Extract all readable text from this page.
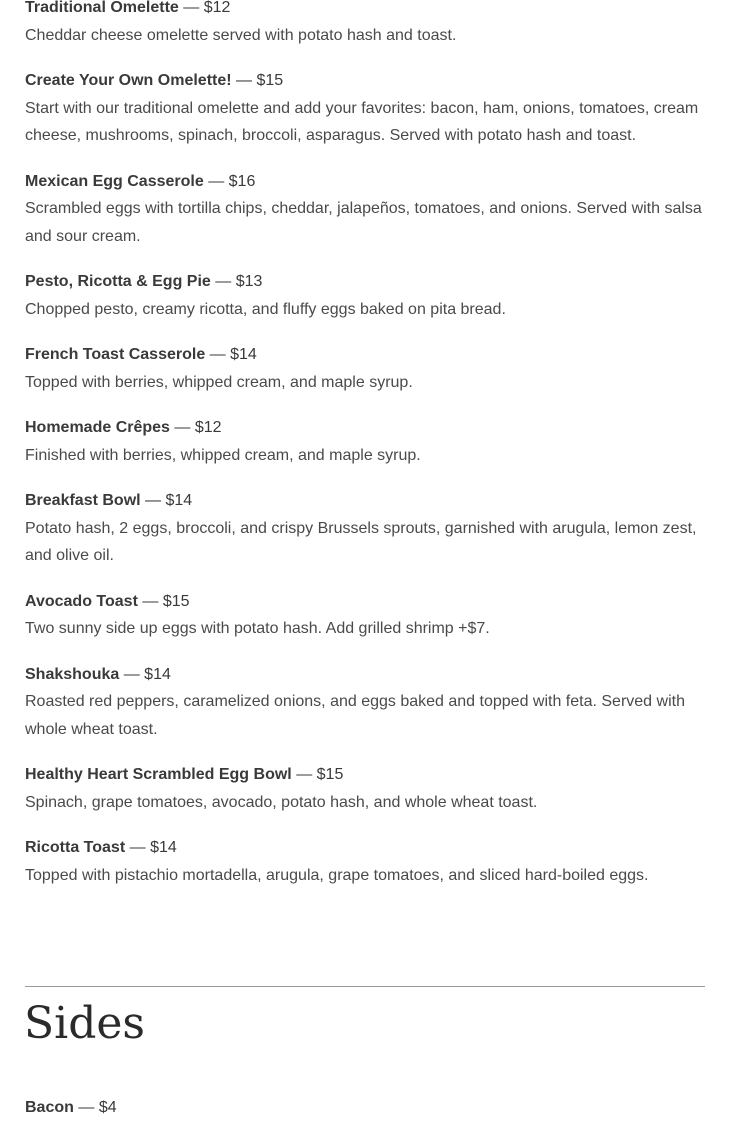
Traditional Omelette — $12

Cheddar cheese omelette served with potato hash and toast.

Create Your Own Omelette! — $15

Start with our traditional omelette and add your favorites: bacon, ham, onions, tomatoes, cream cheese, mushrooms, spinach, broccoli, asparagus. Served with potato hash and toast.

Mexican Egg Casserole — $16

Scrambled eggs with tortilla chips, cheddar, jalapeños, tomatoes, and onions. Served with salsa and sour cream.

Pesto, Ricotta & Egg Pie — $13

Chopped pesto, creamy ricotta, and fluffy eggs baked on pita bread.

French Toast Casserole — $14

Topped with berries, whipped cream, and maple syrup.

Homemade Crêpes — $12

Finished with berries, whipped cream, and maple syrup.

Breakfast Bowl — $14

Potato hash, 2 eggs, broccoli, and crispy Brussels sprouts, garnished with arugula, lemon zest, and olive oil.

Avocado Toast — $15

Two sunny side up eggs with potato hash. Add grilled shrimp +$7.

Shakshouka — $14

Roasted red peppers, caramelized onions, and eggs baked and topped with feta. Served with whole wheat toast.

Healthy Heart Scrambled Egg Bowl — $15

Spinach, grape tomatoes, avocado, potato hash, and whole wheat toast.

Ricotta Toast — $14

Topped with pistachio mortadella, arugula, grape tomatoes, and sliced hard-boiled eggs.

Sides

Bacon — $4
